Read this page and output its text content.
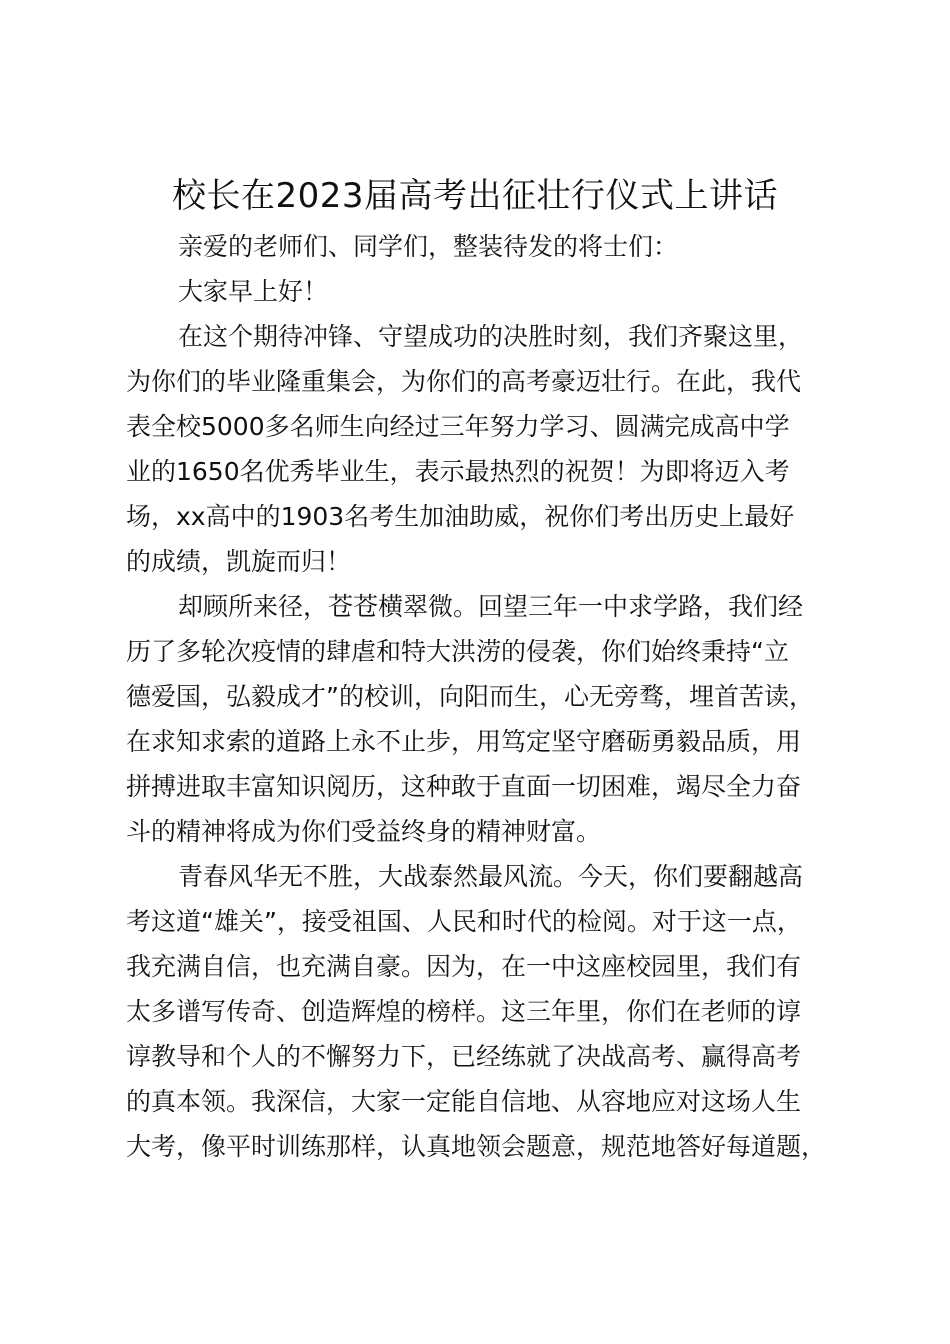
校长在2023届高考出征壮行仪式上讲话
亲爱的老师们、同学们，整装待发的将士们：
大家早上好！
在这个期待冲锋、守望成功的决胜时刻，我们齐聚这里，
为你们的毕业隆重集会，为你们的高考豪迈壮行。在此，我代
表全校5000多名师生向经过三年努力学习、圆满完成高中学
业的1650名优秀毕业生，表示最热烈的祝贺！为即将迈入考
场，xx高中的1903名考生加油助威，祝你们考出历史上最好
的成绩，凯旋而归！
却顾所来径，苍苍横翠微。回望三年一中求学路，我们经
历了多轮次疫情的肆虐和特大洪涝的侵袭，你们始终秉持“立
德爱国，弘毅成才”的校训，向阳而生，心无旁骛，埋首苦读，
在求知求索的道路上永不止步，用笃定坚守磨砺勇毅品质，用
拼搏进取丰富知识阅历，这种敢于直面一切困难，竭尽全力奋
斗的精神将成为你们受益终身的精神财富。
青春风华无不胜，大战泰然最风流。今天，你们要翻越高
考这道“雄关”，接受祖国、人民和时代的检阅。对于这一点，
我充满自信，也充满自豪。因为，在一中这座校园里，我们有
太多谱写传奇、创造辉煌的榜样。这三年里，你们在老师的谆
谆教导和个人的不懈努力下，已经练就了决战高考、赢得高考
的真本领。我深信，大家一定能自信地、从容地应对这场人生
大考，像平时训练那样，认真地领会题意，规范地答好每道题，
